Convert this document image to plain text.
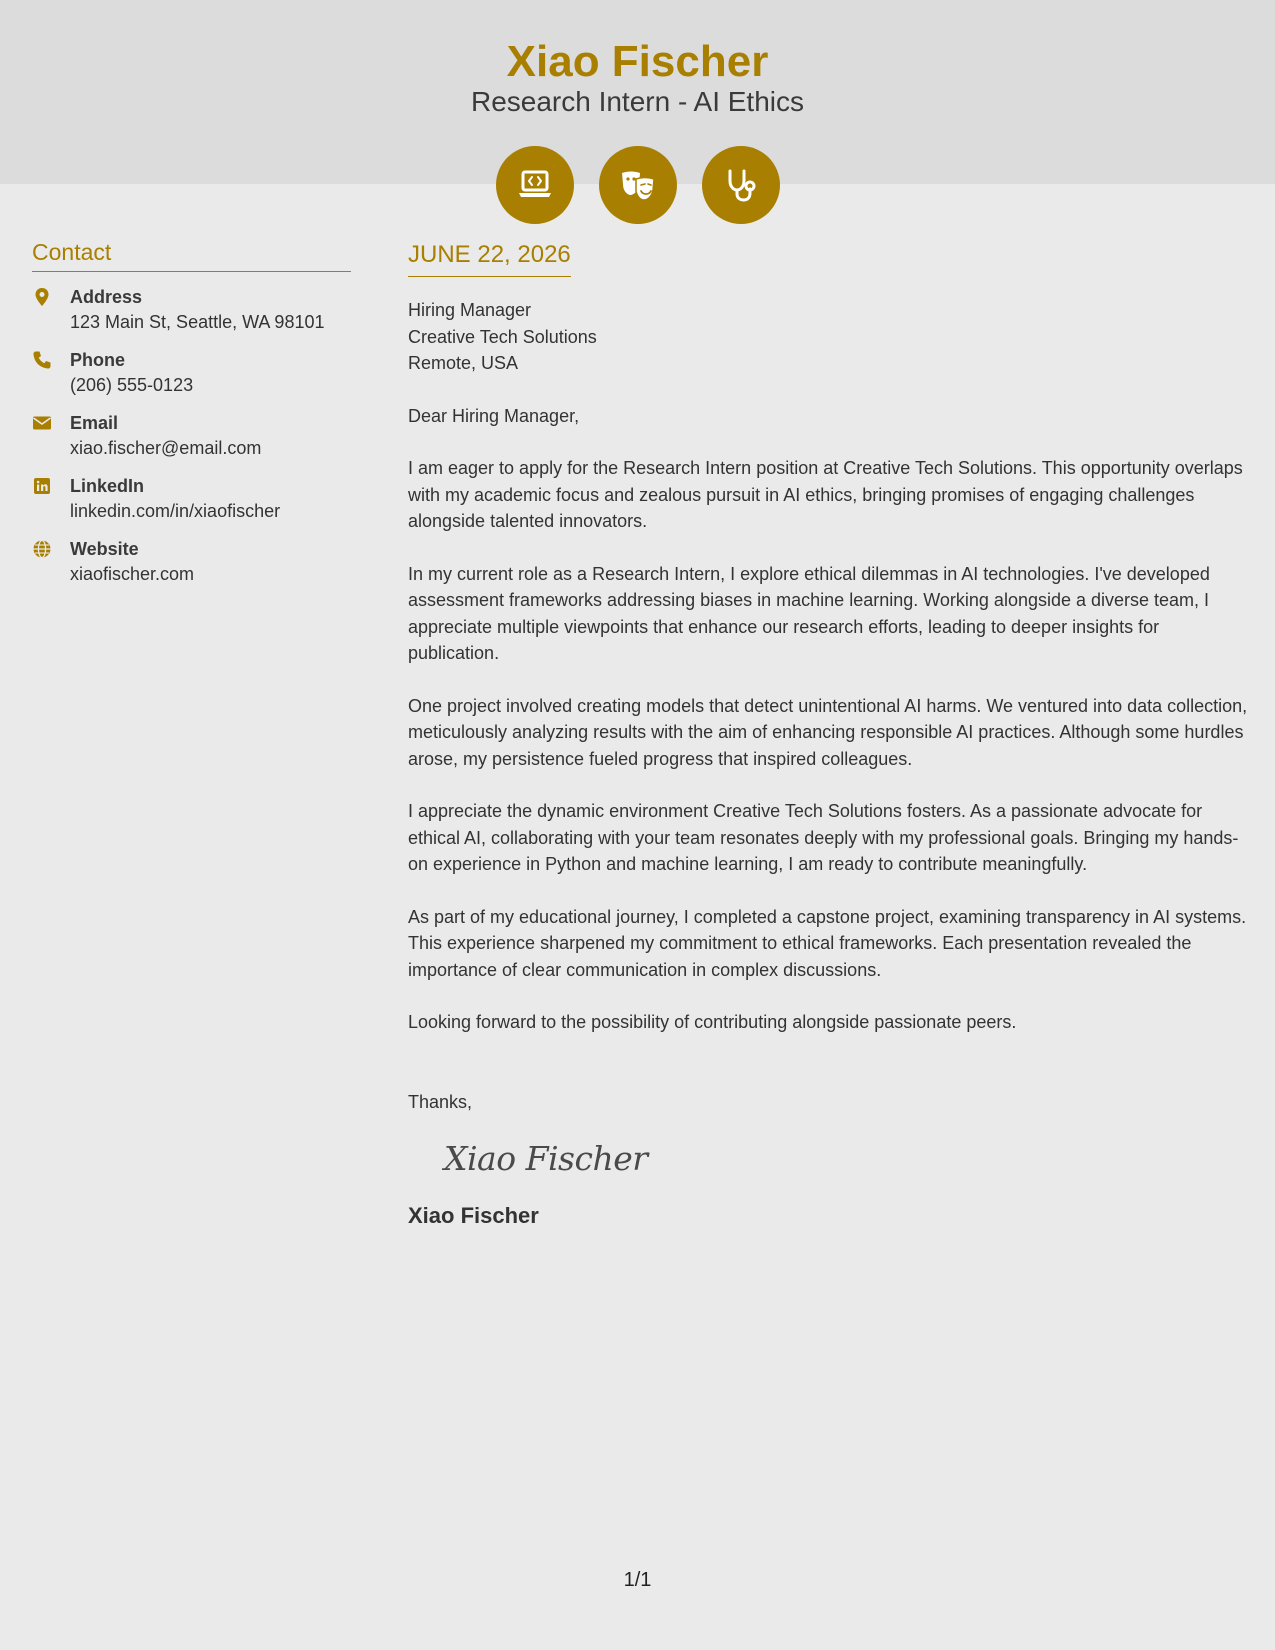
Xiao Fischer
Research Intern - AI Ethics
Contact
Address
123 Main St, Seattle, WA 98101
Phone
(206) 555-0123
Email
xiao.fischer@email.com
LinkedIn
linkedin.com/in/xiaofischer
Website
xiaofischer.com
JUNE 22, 2026
Hiring Manager
Creative Tech Solutions
Remote, USA
Dear Hiring Manager,
I am eager to apply for the Research Intern position at Creative Tech Solutions. This opportunity overlaps with my academic focus and zealous pursuit in AI ethics, bringing promises of engaging challenges alongside talented innovators.
In my current role as a Research Intern, I explore ethical dilemmas in AI technologies. I've developed assessment frameworks addressing biases in machine learning. Working alongside a diverse team, I appreciate multiple viewpoints that enhance our research efforts, leading to deeper insights for publication.
One project involved creating models that detect unintentional AI harms. We ventured into data collection, meticulously analyzing results with the aim of enhancing responsible AI practices. Although some hurdles arose, my persistence fueled progress that inspired colleagues.
I appreciate the dynamic environment Creative Tech Solutions fosters. As a passionate advocate for ethical AI, collaborating with your team resonates deeply with my professional goals. Bringing my hands-on experience in Python and machine learning, I am ready to contribute meaningfully.
As part of my educational journey, I completed a capstone project, examining transparency in AI systems. This experience sharpened my commitment to ethical frameworks. Each presentation revealed the importance of clear communication in complex discussions.
Looking forward to the possibility of contributing alongside passionate peers.
Thanks,
Xiao Fischer
Xiao Fischer
1/1
